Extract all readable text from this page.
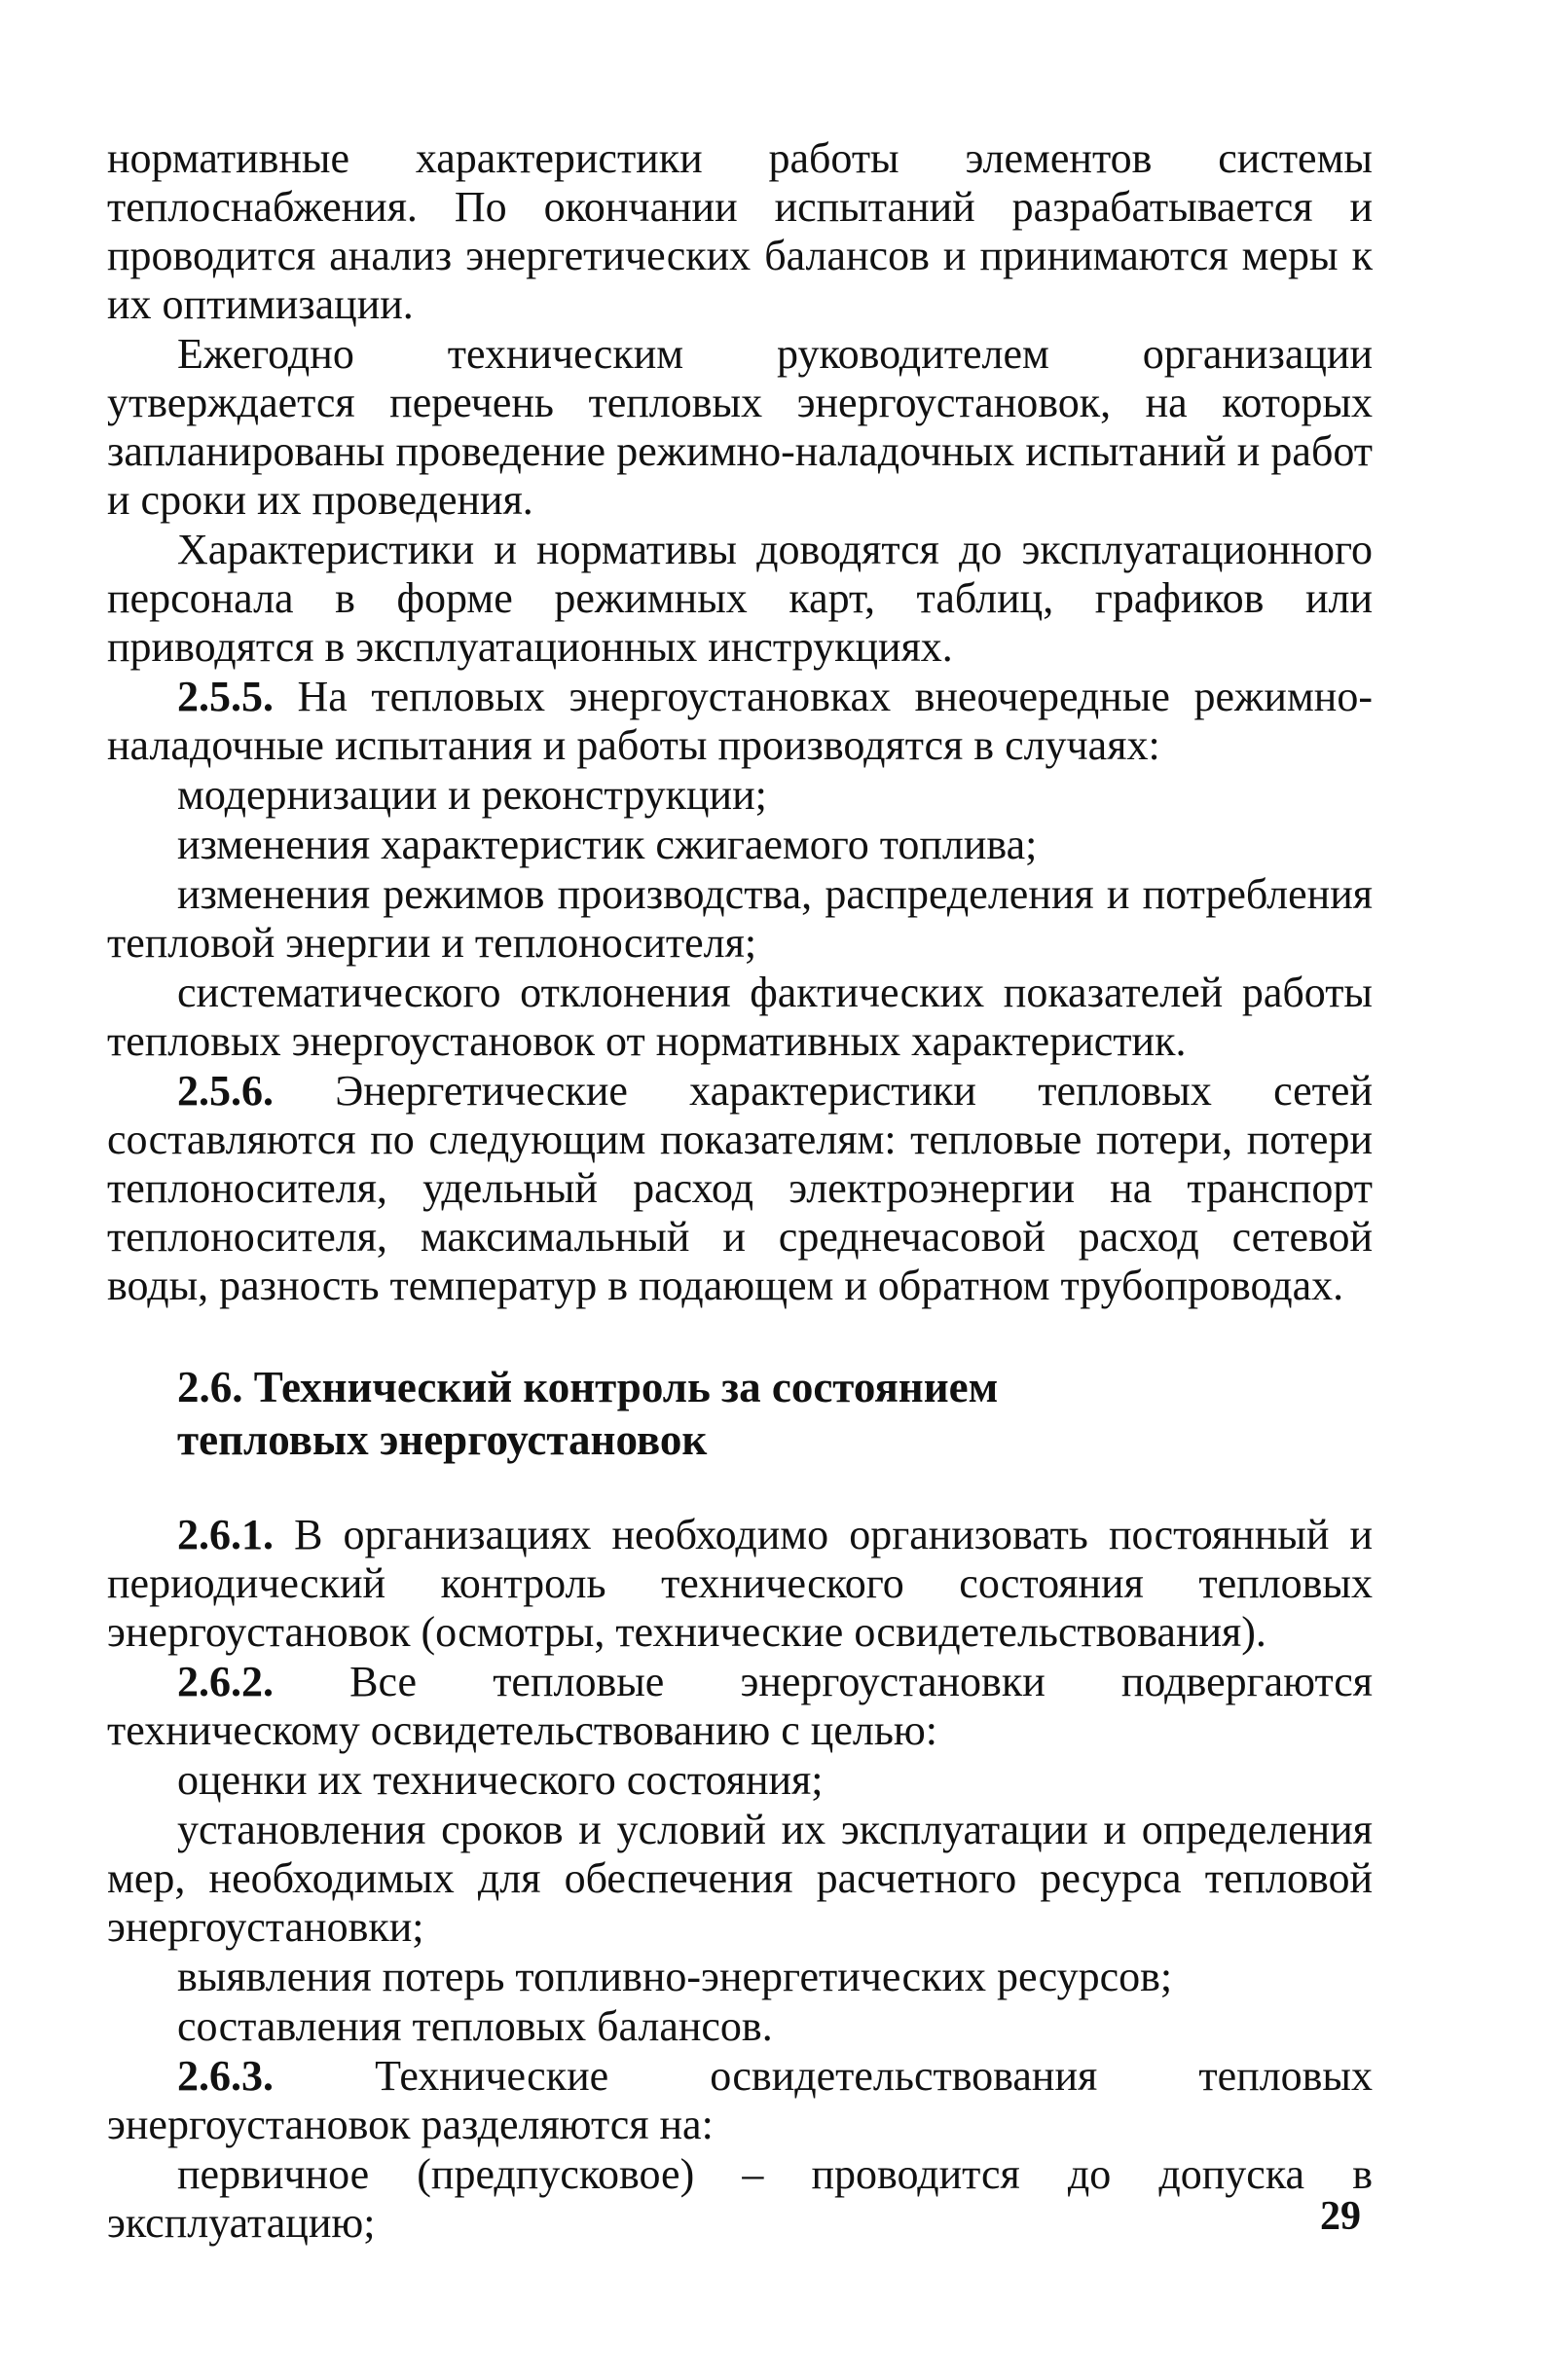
нормативные характеристики работы элементов системы теплоснабжения. По окончании испытаний разрабатывается и проводится анализ энергетических балансов и принимаются меры к их оптимизации.

Ежегодно техническим руководителем организации утверждается перечень тепловых энергоустановок, на которых запланированы проведение режимно-наладочных испытаний и работ и сроки их проведения.

Характеристики и нормативы доводятся до эксплуатационного персонала в форме режимных карт, таблиц, графиков или приводятся в эксплуатационных инструкциях.

2.5.5. На тепловых энергоустановках внеочередные режимно-наладочные испытания и работы производятся в случаях:

модернизации и реконструкции;

изменения характеристик сжигаемого топлива;

изменения режимов производства, распределения и потребления тепловой энергии и теплоносителя;

систематического отклонения фактических показателей работы тепловых энергоустановок от нормативных характеристик.

2.5.6. Энергетические характеристики тепловых сетей составляются по следующим показателям: тепловые потери, потери теплоносителя, удельный расход электроэнергии на транспорт теплоносителя, максимальный и среднечасовой расход сетевой воды, разность температур в подающем и обратном трубопроводах.

2.6. Технический контроль за состоянием
тепловых энергоустановок

2.6.1. В организациях необходимо организовать постоянный и периодический контроль технического состояния тепловых энергоустановок (осмотры, технические освидетельствования).

2.6.2. Все тепловые энергоустановки подвергаются техническому освидетельствованию с целью:

оценки их технического состояния;

установления сроков и условий их эксплуатации и определения мер, необходимых для обеспечения расчетного ресурса тепловой энергоустановки;

выявления потерь топливно-энергетических ресурсов;

составления тепловых балансов.

2.6.3. Технические освидетельствования тепловых энергоустановок разделяются на:

первичное (предпусковое) – проводится до допуска в эксплуатацию;	29
